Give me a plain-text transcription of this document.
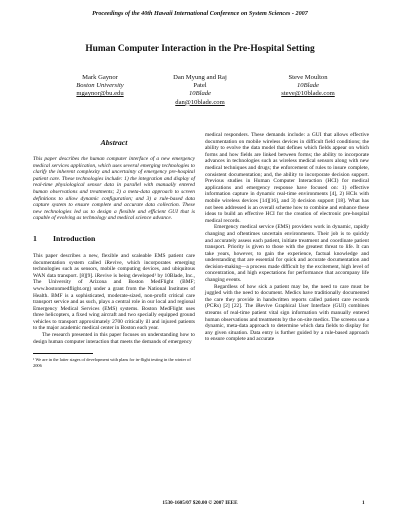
Proceedings of the 40th Hawaii International Conference on System Sciences - 2007
Human Computer Interaction in the Pre-Hospital Setting
Mark Gaynor
Boston University
mgaynor@bu.edu
Dan Myung and Raj
Patel
10Blade
dan@10blade.com
Steve Moulton
10Blade
steve@10blade.com
Abstract

This paper describes the human computer interface of a new emergency medical services application, which uses several emerging technologies to clarify the inherent complexity and uncertainty of emergency pre-hospital patient care. These technologies include: 1) the integration and display of real-time physiological sensor data in parallel with manually entered human observations and treatments; 2) a meta-data approach to screen definitions to allow dynamic configuration; and 3) a rule-based data capture system to ensure complete and accurate data collection. These new technologies led us to design a flexible and efficient GUI that is capable of evolving as technology and medical science advance.

1 Introduction

This paper describes a new, flexible and scaleable EMS patient care documentation system called iRevive, which incorporates emerging technologies such as sensors, mobile computing devices, and ubiquitous WAN data transport. [8][9]. iRevive is being developed¹ by 10Blade, Inc., The University of Arizona and Boston MedFlight (BMF; www.bostonmedflight.org) under a grant from the National Institutes of Health. BMF is a sophisticated, moderate-sized, non-profit critical care transport service and as such, plays a central role in our local and regional Emergency Medical Services (EMS) systems. Boston MedFlight uses three helicopters, a fixed wing aircraft and two specially equipped ground vehicles to transport approximately 2700 critically ill and injured patients to the major academic medical center in Boston each year.

The research presented in this paper focuses on understanding how to design human computer interaction that meets the demands of emergency

¹ We are in the latter stages of development with plans for in-flight testing in the winter of 2006

medical responders. These demands include: a GUI that allows effective documentation on mobile wireless devices in difficult field conditions; the ability to evolve the data model that defines which fields appear on which forms and how fields are linked between forms; the ability to incorporate advances in technologies such as wireless medical sensors along with new medical techniques and drugs; the enforcement of rules to insure complete, consistent documentation; and, the ability to incorporate decision support. Previous studies in Human Computer Interaction (HCI) for medical applications and emergency response have focused on: 1) effective information capture in dynamic real-time environments [4], 2) HCIs with mobile wireless devices [14][16], and 3) decision support [18]. What has not been addressed is an overall scheme how to combine and enhance these ideas to build an effective HCI for the creation of electronic pre-hospital medical records.

Emergency medical service (EMS) providers work in dynamic, rapidly changing and oftentimes uncertain environments. Their job is to quickly and accurately assess each patient, initiate treatment and coordinate patient transport. Priority is given to those with the greatest threat to life. It can take years, however, to gain the experience, factual knowledge and understanding that are essential for quick and accurate documentation and decision-making—a process made difficult by the excitement, high level of concentration, and high expectations for performance that accompany life changing events.

Regardless of how sick a patient may be, the need to care must be juggled with the need to document. Medics have traditionally documented the care they provide in handwritten reports called patient care records (PCRs) [2] [22]. The iRevive Graphical User Interface (GUI) combines streams of real-time patient vital sign information with manually entered human observations and treatments by the on-site medics. The screens use a dynamic, meta-data approach to determine which data fields to display for any given situation. Data entry is further guided by a rule-based approach to ensure complete and accurate

1530-1605/07 $20.00 © 2007 IEEE	1
